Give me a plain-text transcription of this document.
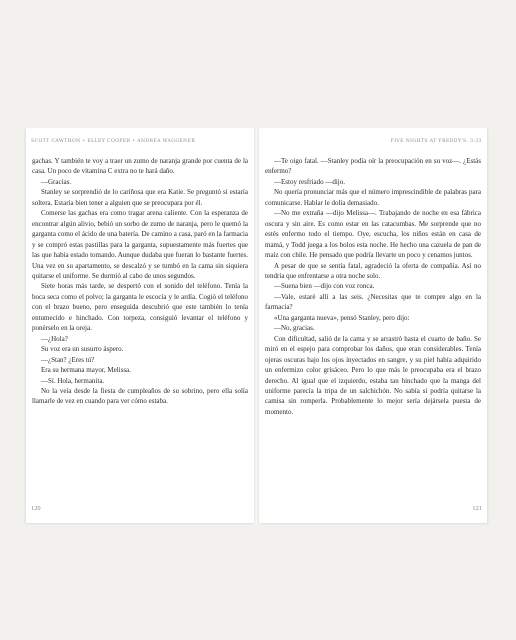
SCOTT CAWTHON • ELLEY COOPER • ANDREA WAGGENER

gachas. Y también te voy a traer un zumo de naranja grande por cuenta de la casa. Un poco de vitamina C extra no te hará daño.

—Gracias.

Stanley se sorprendió de lo cariñosa que era Katie. Se preguntó si estaría soltera. Estaría bien tener a alguien que se preocupara por él.

Comerse las gachas era como tragar arena caliente. Con la esperanza de encontrar algún alivio, bebió un sorbo de zumo de naranja, pero le quemó la garganta como el ácido de una batería. De camino a casa, paró en la farmacia y se compró estas pastillas para la garganta, supuestamente más fuertes que las que había estado tomando. Aunque dudaba que fueran lo bastante fuertes. Una vez en su apartamento, se descalzó y se tumbó en la cama sin siquiera quitarse el uniforme. Se durmió al cabo de unos segundos.

Siete horas más tarde, se despertó con el sonido del teléfono. Tenía la boca seca como el polvo; la garganta le escocía y le ardía. Cogió el teléfono con el brazo bueno, pero enseguida descubrió que este también lo tenía entumecido e hinchado. Con torpeza, consiguió levantar el teléfono y ponérselo en la oreja.

—¿Hola?

Su voz era un susurro áspero.

—¿Stan? ¿Eres tú?

Era su hermana mayor, Melissa.

—Sí. Hola, hermanita.

No la veía desde la fiesta de cumpleaños de su sobrino, pero ella solía llamarle de vez en cuando para ver cómo estaba.

120
FIVE NIGHTS AT FREDDY'S. 3:33

—Te oigo fatal. —Stanley podía oír la preocupación en su voz—. ¿Estás enfermo?

—Estoy resfriado —dijo.

No quería pronunciar más que el número imprescindible de palabras para comunicarse. Hablar le dolía demasiado.

—No me extraña —dijo Melissa—. Trabajando de noche en esa fábrica oscura y sin aire. Es como estar en las catacumbas. Me sorprende que no estés enfermo todo el tiempo. Oye, escucha, los niños están en casa de mamá, y Todd juega a los bolos esta noche. He hecho una cazuela de pan de maíz con chile. He pensado que podría llevarte un poco y cenamos juntos.

A pesar de que se sentía fatal, agradeció la oferta de compañía. Así no tendría que enfrentarse a otra noche solo.

—Suena bien —dijo con voz ronca.

—Vale, estaré allí a las seis. ¿Necesitas que te compre algo en la farmacia?

«Una garganta nueva», pensó Stanley, pero dijo:

—No, gracias.

Con dificultad, salió de la cama y se arrastró hasta el cuarto de baño. Se miró en el espejo para comprobar los daños, que eran considerables. Tenía ojeras oscuras bajo los ojos inyectados en sangre, y su piel había adquirido un enfermizo color grisáceo. Pero lo que más le preocupaba era el brazo derecho. Al igual que el izquierdo, estaba tan hinchado que la manga del uniforme parecía la tripa de un salchichón. No sabía si podría quitarse la camisa sin romperla. Probablemente lo mejor sería dejársela puesta de momento.

121
